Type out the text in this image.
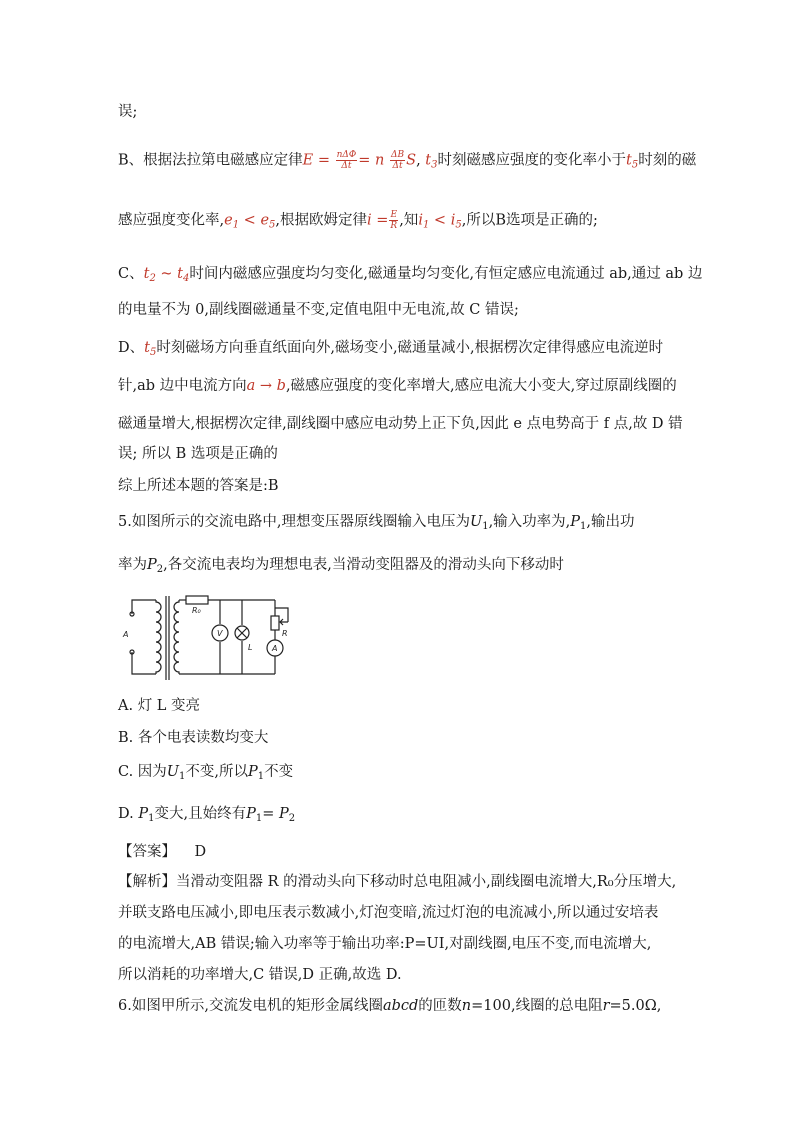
误;
B、根据法拉第电磁感应定律$E = \frac{\text{nΔΦ}}{\Delta t} = n \frac{\Delta B}{\Delta t} S$, $t_3$时刻磁感应强度的变化率小于$t_5$时刻的磁
感应强度变化率$,e_1 < e_5$,根据欧姆定律$i = \frac{E}{R}$ ,知$i_1 < i_5$,所以B选项是正确的;
C、$t_2$ ~ $t_4$时间内磁感应强度均匀变化,磁通量均匀变化,有恒定感应电流通过 ab,通过 ab 边
的电量不为 0,副线圈磁通量不变,定值电阻中无电流,故 C 错误;
D、$t_5$时刻磁场方向垂直纸面向外,磁场变小,磁通量减小,根据楞次定律得感应电流逆时
针,ab 边中电流方向a → b,磁感应强度的变化率增大,感应电流大小变大,穿过原副线圈的
磁通量增大,根据楞次定律,副线圈中感应电动势上正下负,因此 e 点电势高于 f 点,故 D 错
误; 所以 B 选项是正确的
综上所述本题的答案是:B
5.如图所示的交流电路中,理想变压器原线圈输入电压为$U_1$,输入功率为$,P_1$,输出功
率为$P_2$,各交流电表均为理想电表,当滑动变阻器及的滑动头向下移动时
A
R₀
V
L
R
A
A. 灯 L 变亮
B. 各个电表读数均变大
C. 因为$U_1$不变,所以$P_1$不变
D. $P_1$变大,且始终有$P_1= P_2$
【答案】 D
【解析】当滑动变阻器 R 的滑动头向下移动时总电阻减小,副线圈电流增大,R₀分压增大,
并联支路电压减小,即电压表示数减小,灯泡变暗,流过灯泡的电流减小,所以通过安培表
的电流增大,AB 错误;输入功率等于输出功率:P=UI,对副线圈,电压不变,而电流增大,
所以消耗的功率增大,C 错误,D 正确,故选 D.
6.如图甲所示,交流发电机的矩形金属线圈abcd的匝数n=100,线圈的总电阻r=5.0Ω,
